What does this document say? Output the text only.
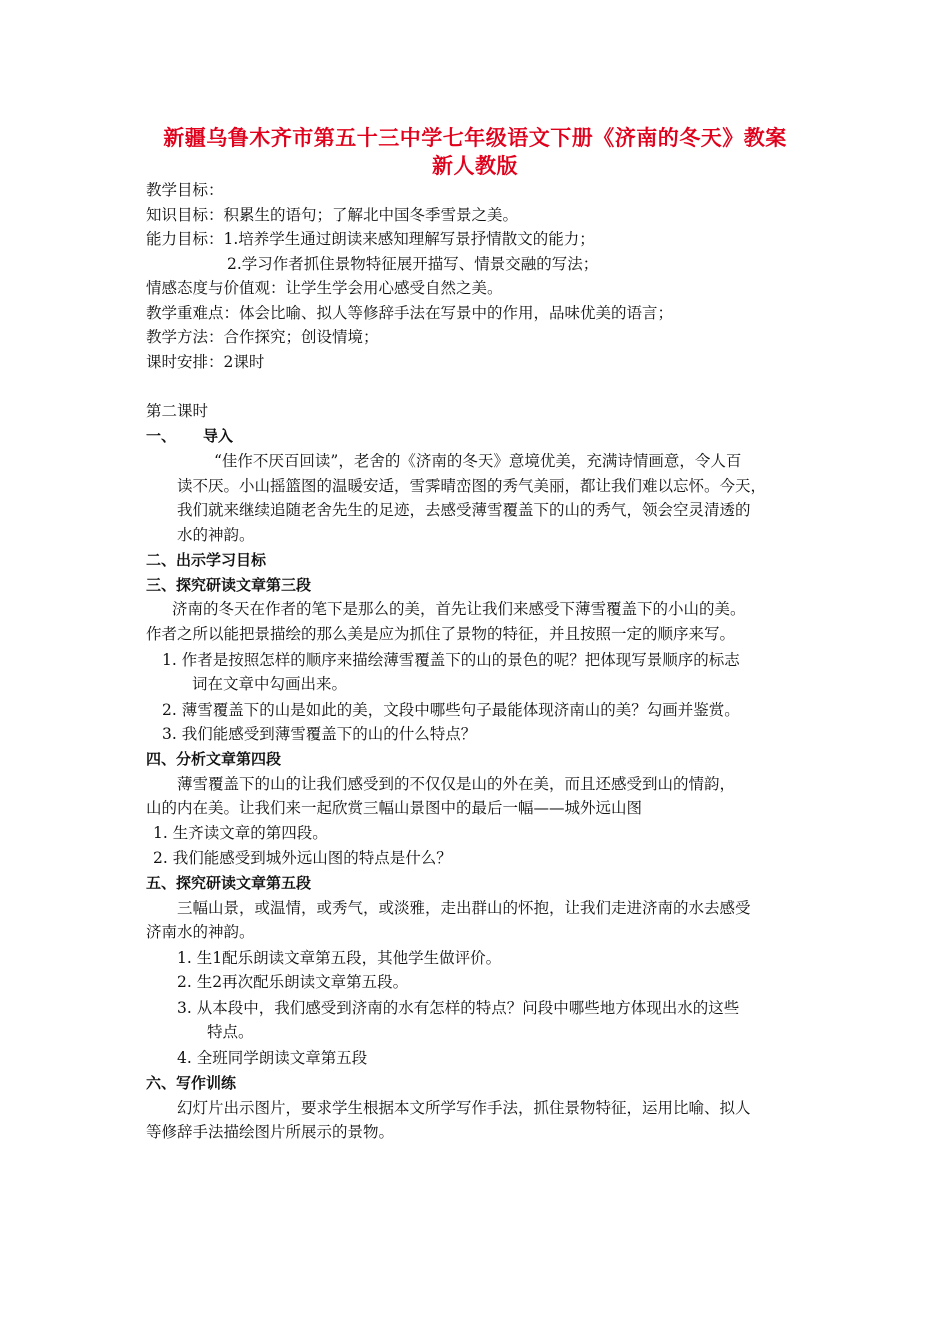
新疆乌鲁木齐市第五十三中学七年级语文下册《济南的冬天》教案
新人教版
教学目标：
知识目标：积累生的语句；了解北中国冬季雪景之美。
能力目标：1.培养学生通过朗读来感知理解写景抒情散文的能力；
2.学习作者抓住景物特征展开描写、情景交融的写法；
情感态度与价值观：让学生学会用心感受自然之美。
教学重难点：体会比喻、拟人等修辞手法在写景中的作用，品味优美的语言；
教学方法：合作探究；创设情境；
课时安排：2课时
第二课时
一、 导入
“佳作不厌百回读”，老舍的《济南的冬天》意境优美，充满诗情画意，令人百
读不厌。小山摇篮图的温暖安适，雪霁晴峦图的秀气美丽，都让我们难以忘怀。今天，
我们就来继续追随老舍先生的足迹，去感受薄雪覆盖下的山的秀气，领会空灵清透的
水的神韵。
二、出示学习目标
三、探究研读文章第三段
济南的冬天在作者的笔下是那么的美，首先让我们来感受下薄雪覆盖下的小山的美。
作者之所以能把景描绘的那么美是应为抓住了景物的特征，并且按照一定的顺序来写。
1. 作者是按照怎样的顺序来描绘薄雪覆盖下的山的景色的呢？把体现写景顺序的标志
词在文章中勾画出来。
2. 薄雪覆盖下的山是如此的美，文段中哪些句子最能体现济南山的美？勾画并鉴赏。
3. 我们能感受到薄雪覆盖下的山的什么特点？
四、分析文章第四段
薄雪覆盖下的山的让我们感受到的不仅仅是山的外在美，而且还感受到山的情韵，
山的内在美。让我们来一起欣赏三幅山景图中的最后一幅——城外远山图
1. 生齐读文章的第四段。
2. 我们能感受到城外远山图的特点是什么？
五、探究研读文章第五段
三幅山景，或温情，或秀气，或淡雅，走出群山的怀抱，让我们走进济南的水去感受
济南水的神韵。
1. 生1配乐朗读文章第五段，其他学生做评价。
2. 生2再次配乐朗读文章第五段。
3. 从本段中，我们感受到济南的水有怎样的特点？问段中哪些地方体现出水的这些
特点。
4. 全班同学朗读文章第五段
六、写作训练
幻灯片出示图片，要求学生根据本文所学写作手法，抓住景物特征，运用比喻、拟人
等修辞手法描绘图片所展示的景物。
